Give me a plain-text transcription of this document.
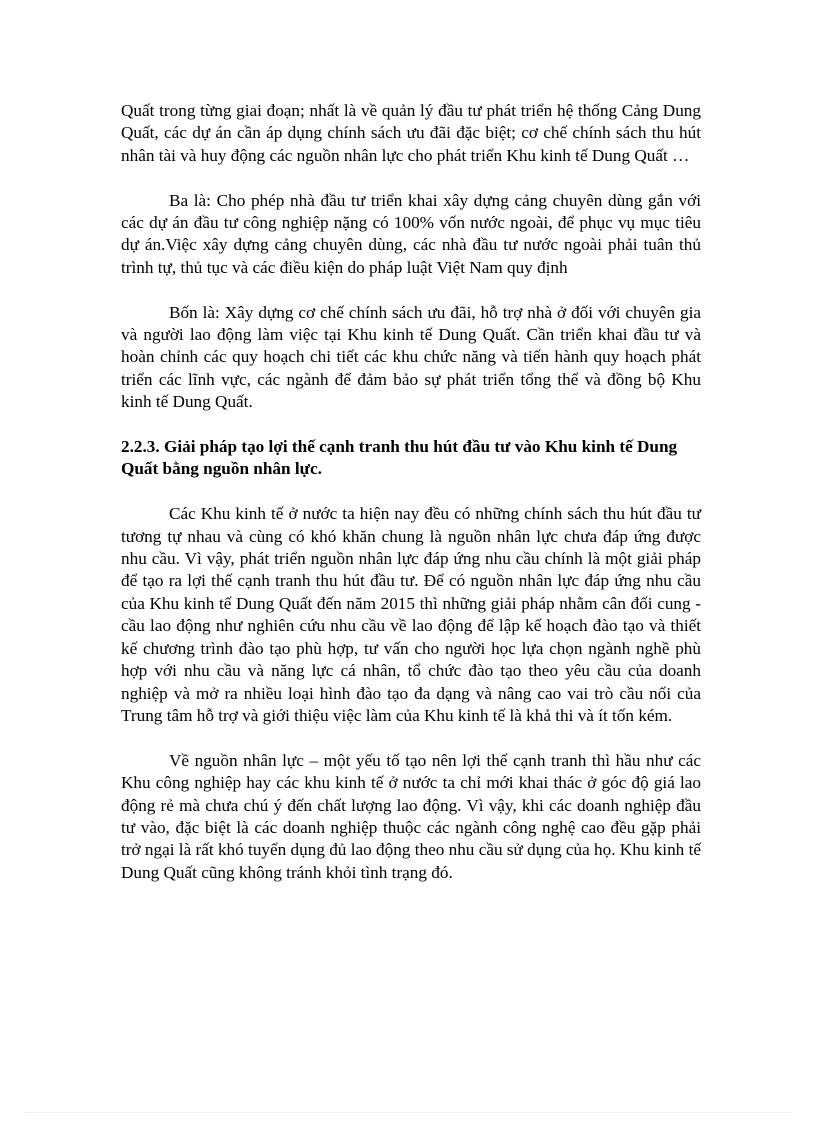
Quất trong từng giai đoạn; nhất là về quản lý đầu tư phát triển hệ thống Cảng Dung Quất, các dự án cần áp dụng chính sách ưu đãi đặc biệt; cơ chế chính sách thu hút nhân tài và huy động các nguồn nhân lực cho phát triển Khu kinh tế Dung Quất …

Ba là: Cho phép nhà đầu tư triển khai xây dựng cảng chuyên dùng gắn với các dự án đầu tư công nghiệp nặng có 100% vốn nước ngoài, để phục vụ mục tiêu dự án.Việc xây dựng cảng chuyên dùng, các nhà đầu tư nước ngoài phải tuân thủ trình tự, thủ tục và các điều kiện do pháp luật Việt Nam quy định

Bốn là: Xây dựng cơ chế chính sách ưu đãi, hỗ trợ nhà ở đối với chuyên gia và người lao động làm việc tại Khu kinh tế Dung Quất. Cần triển khai đầu tư và hoàn chỉnh các quy hoạch chi tiết các khu chức năng và tiến hành quy hoạch phát triển các lĩnh vực, các ngành để đảm bảo sự phát triển tổng thể và đồng bộ Khu kinh tế Dung Quất.

2.2.3. Giải pháp tạo lợi thế cạnh tranh thu hút đầu tư vào Khu kinh tế Dung Quất bằng nguồn nhân lực.

Các Khu kinh tế ở nước ta hiện nay đều có những chính sách thu hút đầu tư tương tự nhau và cùng có khó khăn chung là nguồn nhân lực chưa đáp ứng được nhu cầu. Vì vậy, phát triển nguồn nhân lực đáp ứng nhu cầu chính là một giải pháp để tạo ra lợi thế cạnh tranh thu hút đầu tư. Để có nguồn nhân lực đáp ứng nhu cầu của Khu kinh tế Dung Quất đến năm 2015 thì những giải pháp nhằm cân đối cung - cầu lao động như nghiên cứu nhu cầu về lao động để lập kế hoạch đào tạo và thiết kế chương trình đào tạo phù hợp, tư vấn cho người học lựa chọn ngành nghề phù hợp với nhu cầu và năng lực cá nhân, tổ chức đào tạo theo yêu cầu của doanh nghiệp và mở ra nhiều loại hình đào tạo đa dạng và nâng cao vai trò cầu nối của Trung tâm hỗ trợ và giới thiệu việc làm của Khu kinh tế là khả thi và ít tốn kém.

Về nguồn nhân lực – một yếu tố tạo nên lợi thế cạnh tranh thì hầu như các Khu công nghiệp hay các khu kinh tế ở nước ta chỉ mới khai thác ở góc độ giá lao động rẻ mà chưa chú ý đến chất lượng lao động. Vì vậy, khi các doanh nghiệp đầu tư vào, đặc biệt là các doanh nghiệp thuộc các ngành công nghệ cao đều gặp phải trở ngại là rất khó tuyển dụng đủ lao động theo nhu cầu sử dụng của họ. Khu kinh tế Dung Quất cũng không tránh khỏi tình trạng đó.
